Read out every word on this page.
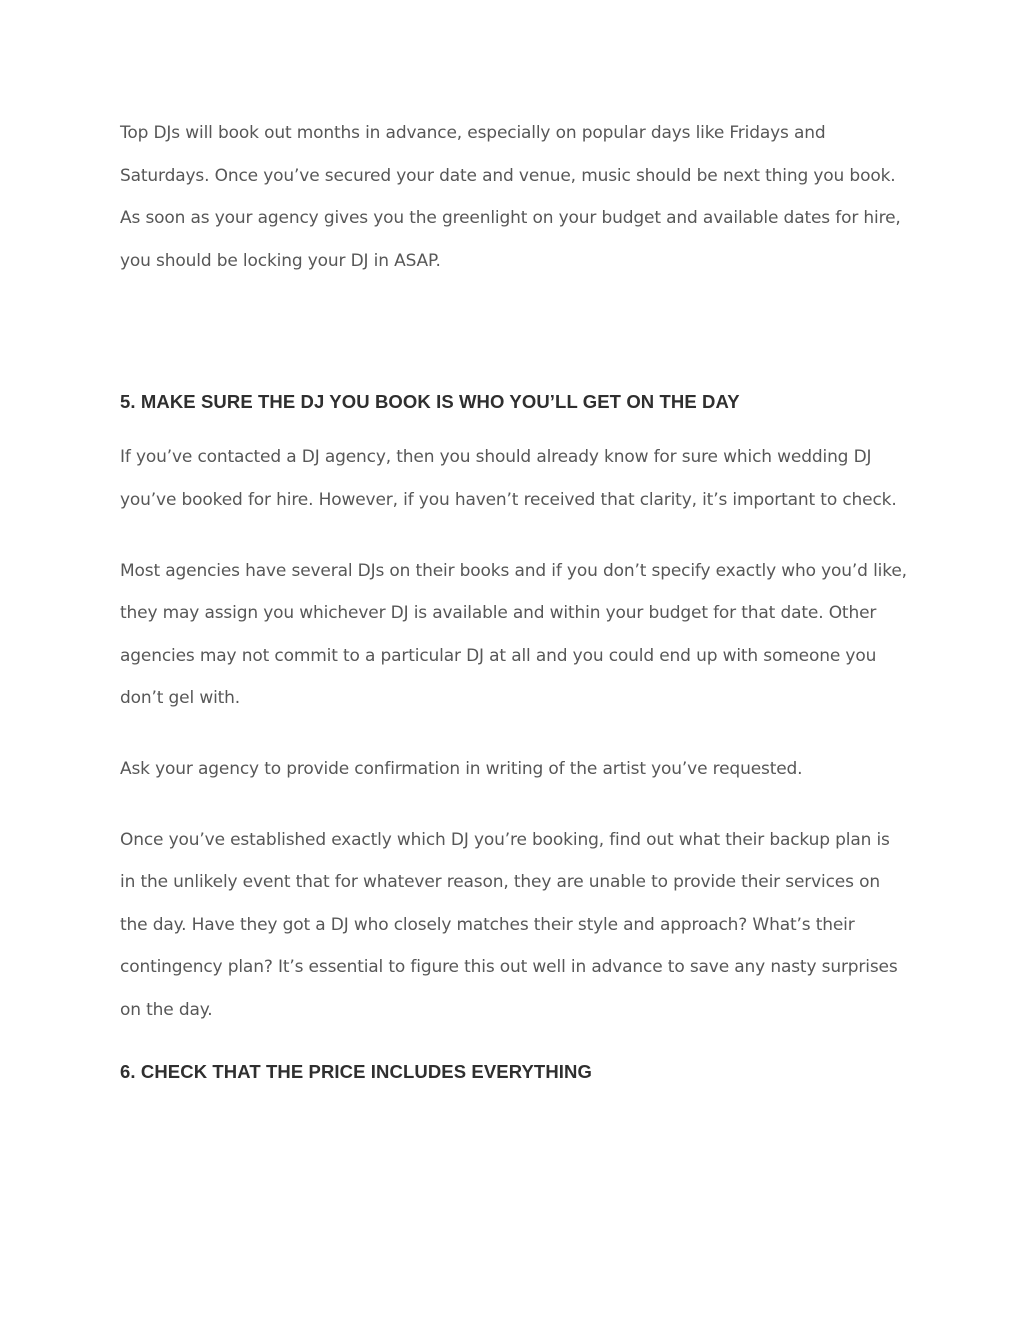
Top DJs will book out months in advance, especially on popular days like Fridays and Saturdays. Once you’ve secured your date and venue, music should be next thing you book. As soon as your agency gives you the greenlight on your budget and available dates for hire, you should be locking your DJ in ASAP.

5. MAKE SURE THE DJ YOU BOOK IS WHO YOU’LL GET ON THE DAY

If you’ve contacted a DJ agency, then you should already know for sure which wedding DJ you’ve booked for hire. However, if you haven’t received that clarity, it’s important to check.

Most agencies have several DJs on their books and if you don’t specify exactly who you’d like, they may assign you whichever DJ is available and within your budget for that date. Other agencies may not commit to a particular DJ at all and you could end up with someone you don’t gel with.

Ask your agency to provide confirmation in writing of the artist you’ve requested.

Once you’ve established exactly which DJ you’re booking, find out what their backup plan is in the unlikely event that for whatever reason, they are unable to provide their services on the day. Have they got a DJ who closely matches their style and approach? What’s their contingency plan? It’s essential to figure this out well in advance to save any nasty surprises on the day.

6. CHECK THAT THE PRICE INCLUDES EVERYTHING
